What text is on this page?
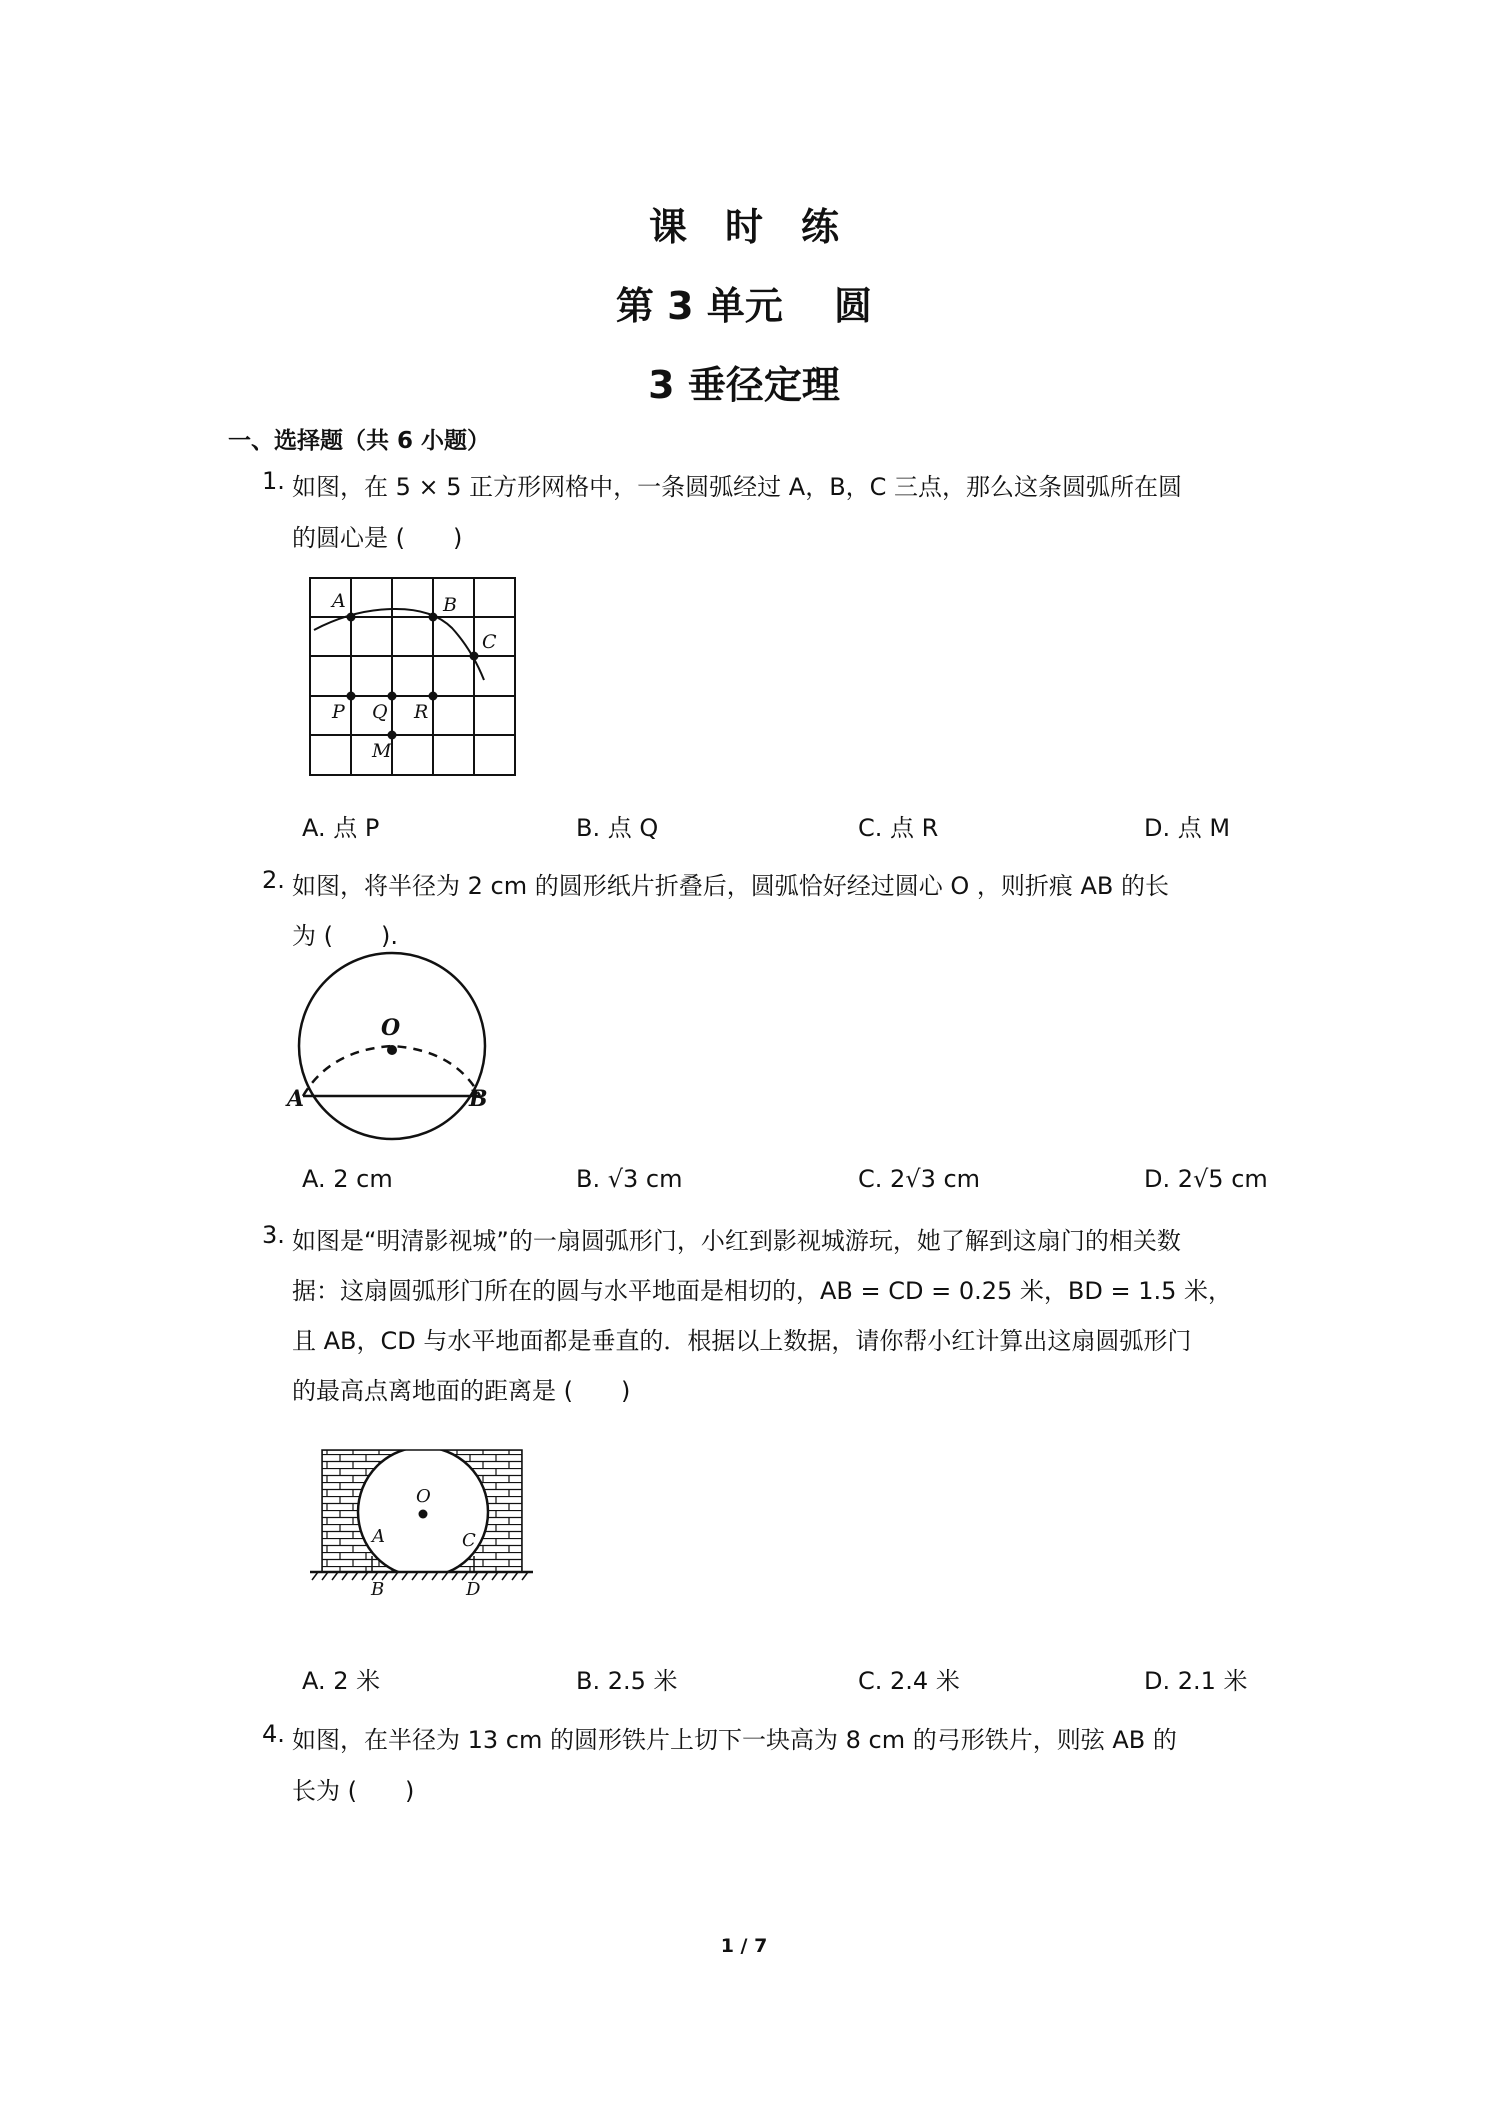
课　时　练
第 3 单元　 圆
3 垂径定理
一、选择题（共 6 小题）
1. 如图，在 5 × 5 正方形网格中，一条圆弧经过 A，B，C 三点，那么这条圆弧所在圆
的圆心是 (　　)
A	B
C
P Q R
M
A. 点 P	B. 点 Q	C. 点 R	D. 点 M
2. 如图，将半径为 2 cm 的圆形纸片折叠后，圆弧恰好经过圆心 O ，则折痕 AB 的长
为 (　　).
O
A	B
A. 2 cm	B. √3 cm	C. 2√3 cm	D. 2√5 cm
3. 如图是“明清影视城”的一扇圆弧形门，小红到影视城游玩，她了解到这扇门的相关数
据：这扇圆弧形门所在的圆与水平地面是相切的，AB = CD = 0.25 米，BD = 1.5 米，
且 AB，CD 与水平地面都是垂直的．根据以上数据，请你帮小红计算出这扇圆弧形门
的最高点离地面的距离是 (　　)
O
A	C
B	D
A. 2 米	B. 2.5 米	C. 2.4 米	D. 2.1 米
4. 如图，在半径为 13 cm 的圆形铁片上切下一块高为 8 cm 的弓形铁片，则弦 AB 的
长为 (　　)
1 / 7
